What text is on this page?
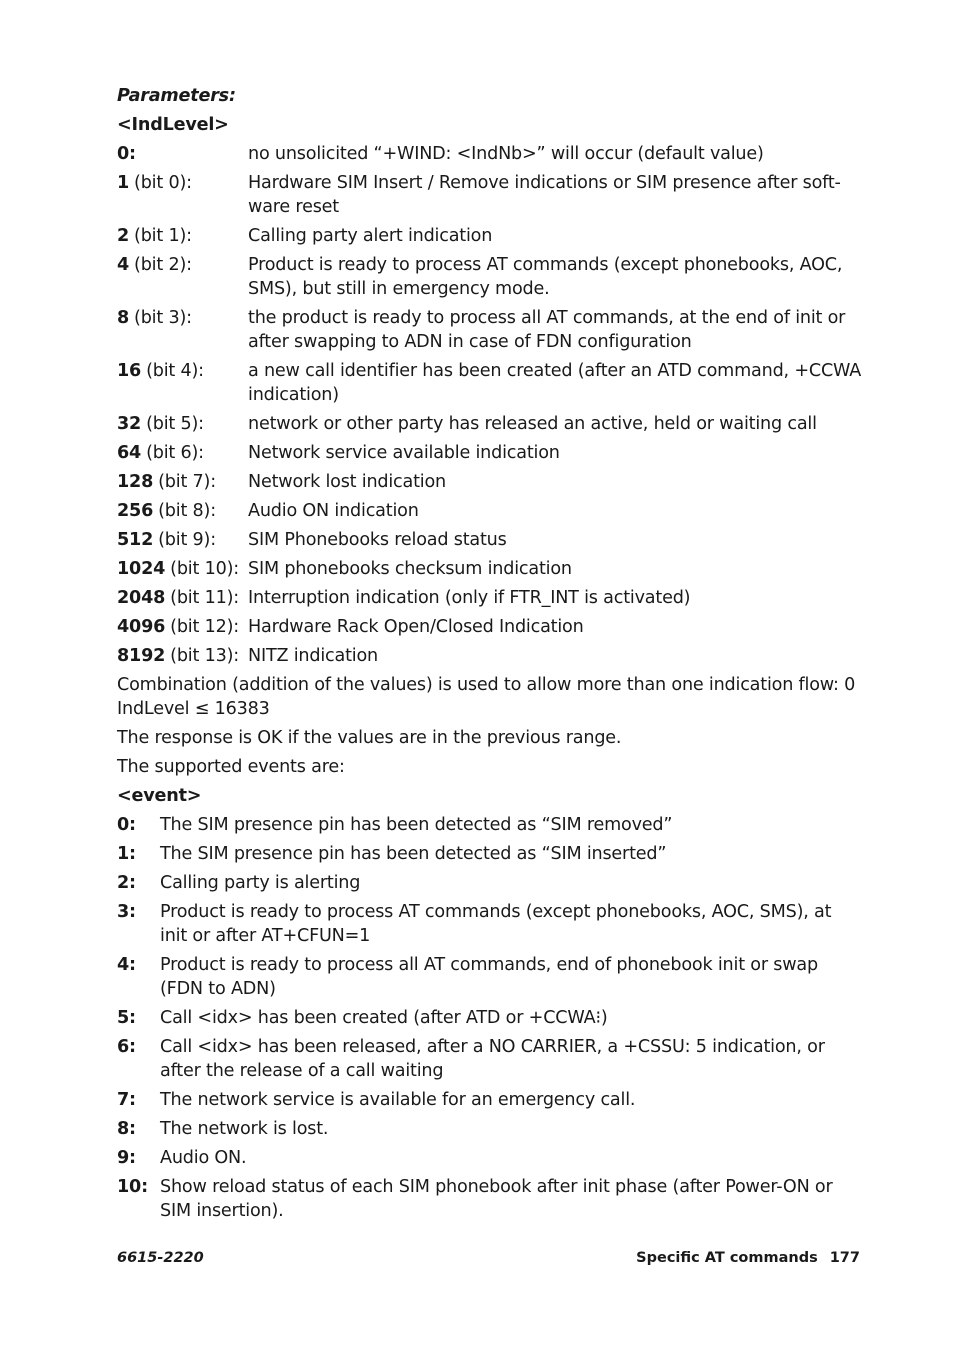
Parameters:
<IndLevel>
0:	no unsolicited “+WIND: <IndNb>” will occur (default value)
1 (bit 0):	Hardware SIM Insert / Remove indications or SIM presence after soft-ware reset
2 (bit 1):	Calling party alert indication
4 (bit 2):	Product is ready to process AT commands (except phonebooks, AOC, SMS), but still in emergency mode.
8 (bit 3):	the product is ready to process all AT commands, at the end of init or after swapping to ADN in case of FDN configuration
16 (bit 4):	a new call identifier has been created (after an ATD command, +CCWA indication)
32 (bit 5):	network or other party has released an active, held or waiting call
64 (bit 6):	Network service available indication
128 (bit 7):	Network lost indication
256 (bit 8):	Audio ON indication
512 (bit 9):	SIM Phonebooks reload status
1024 (bit 10): SIM phonebooks checksum indication
2048 (bit 11): Interruption indication (only if FTR_INT is activated)
4096 (bit 12): Hardware Rack Open/Closed Indication
8192 (bit 13): NITZ indication
Combination (addition of the values) is used to allow more than one indication flow: 0 IndLevel ≤ 16383
The response is OK if the values are in the previous range.
The supported events are:
<event>
0:	The SIM presence pin has been detected as “SIM removed”
1:	The SIM presence pin has been detected as “SIM inserted”
2:	Calling party is alerting
3:	Product is ready to process AT commands (except phonebooks, AOC, SMS), at init or after AT+CFUN=1
4:	Product is ready to process all AT commands, end of phonebook init or swap (FDN to ADN)
5:	Call <idx> has been created (after ATD or +CCWA⁝)
6:	Call <idx> has been released, after a NO CARRIER, a +CSSU: 5 indication, or after the release of a call waiting
7:	The network service is available for an emergency call.
8:	The network is lost.
9:	Audio ON.
10: Show reload status of each SIM phonebook after init phase (after Power-ON or SIM insertion).
6615-2220	Specific AT commands 177
